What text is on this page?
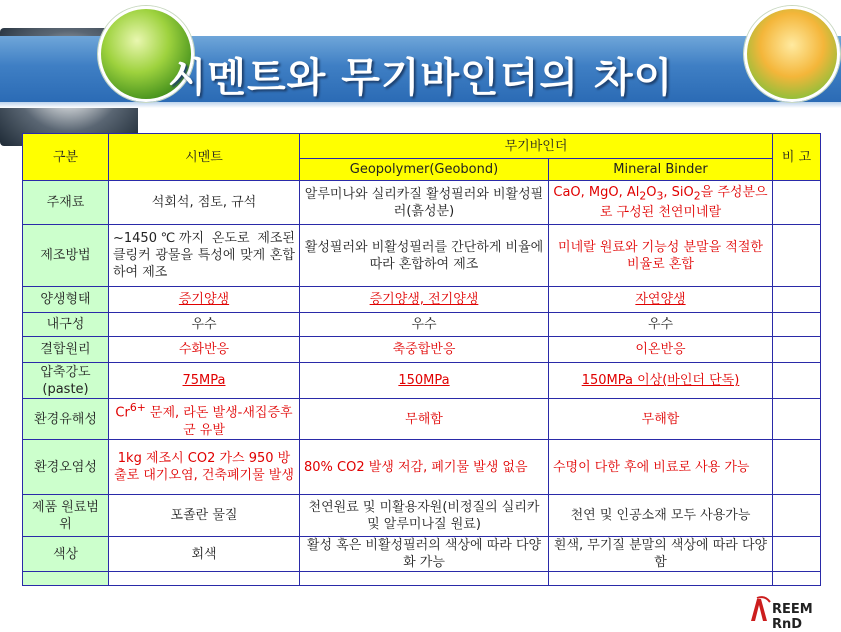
시멘트와 무기바인더의 차이
구분	시멘트	무기바인더		비 고
		Geopolymer(Geobond)	Mineral Binder	
주재료	석회석, 점토, 규석	알루미나와 실리카질 활성필러와 비활성필러(흙성분)	CaO, MgO, $Al_2O_3$, SiO$_2$을 주성분으로 구성된 천연미네랄	
제조방법	~1450℃까지 온도로 제조된 클링커 광물을 특성에 맞게 혼합하여 제조	활성필러와 비활성필러를 간단하게 비율에 따라 혼합하여 제조	미네랄 원료와 기능성 분말을 적절한 비율로 혼합	
양생형태	증기양생	증기양생, 전기양생	자연양생	
내구성	우수	우수	우수	
결합원리	수화반응	축중합반응	이온반응	
압축강도(paste)	75MPa	150MPa	150MPa 이상(바인더 단독)	
환경유해성	$Cr^{6+}$ 문제, 라돈 발생-새집증후군 유발	무해함	무해함	
환경오염성	1kg 제조시 CO2 가스 950 방출로 대기오염, 건축폐기물 발생	80% CO2 발생 저감, 폐기물 발생 없음	수명이 다한 후에 비료로 사용 가능	
제품 원료범위	포졸란 물질	천연원료 및 미활용자원(비정질의 실리카 및 알루미나질 원료)	천연 및 인공소재 모두 사용가능	
색상	회색	활성 혹은 비활성필러의 색상에 따라 다양화 가능	흰색, 무기질 분말의 색상에 따라 다양함	

REEM RnD
